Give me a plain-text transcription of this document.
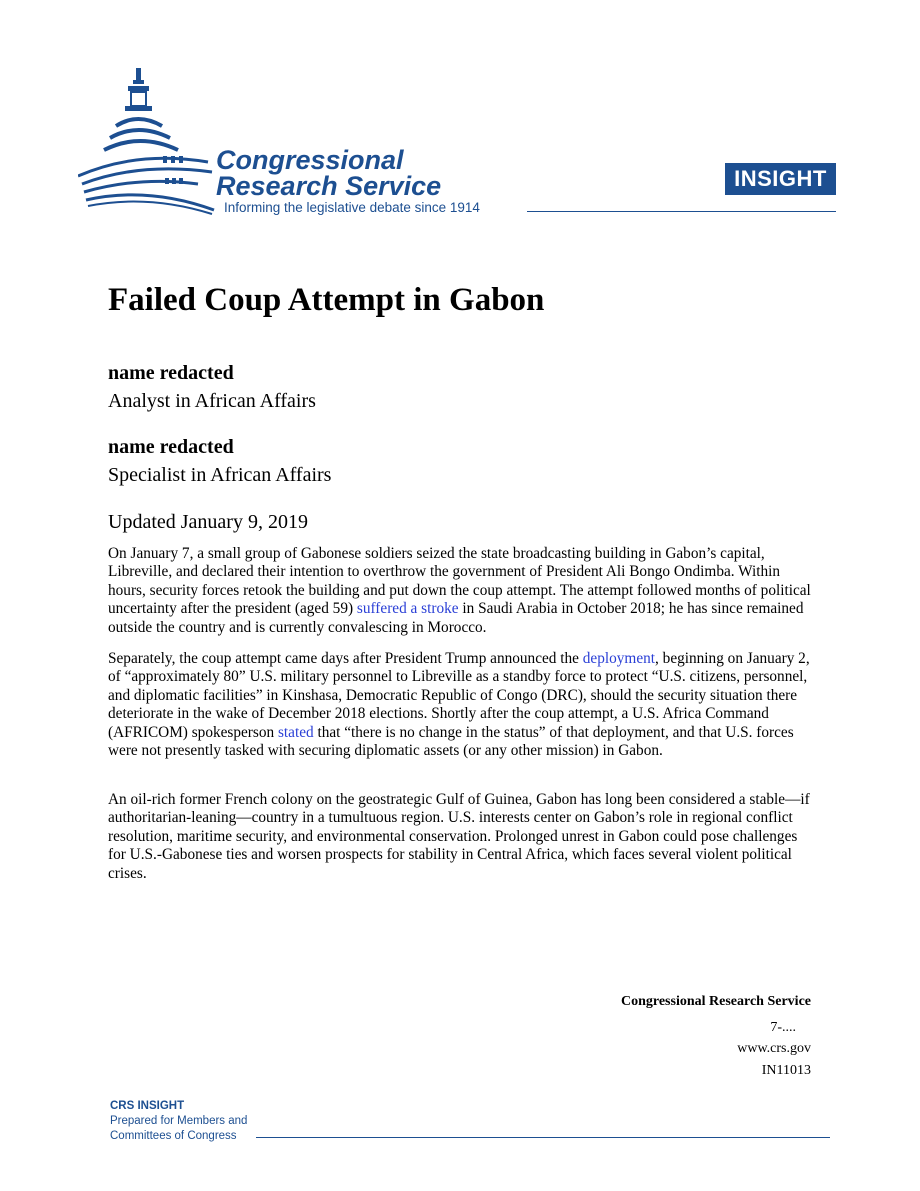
Congressional
Research Service
Informing the legislative debate since 1914
INSIGHT
Failed Coup Attempt in Gabon
name redacted
Analyst in African Affairs
name redacted
Specialist in African Affairs
Updated January 9, 2019

On January 7, a small group of Gabonese soldiers seized the state broadcasting building in Gabon’s capital, Libreville, and declared their intention to overthrow the government of President Ali Bongo Ondimba. Within hours, security forces retook the building and put down the coup attempt. The attempt followed months of political uncertainty after the president (aged 59) suffered a stroke in Saudi Arabia in October 2018; he has since remained outside the country and is currently convalescing in Morocco.

Separately, the coup attempt came days after President Trump announced the deployment, beginning on January 2, of “approximately 80” U.S. military personnel to Libreville as a standby force to protect “U.S. citizens, personnel, and diplomatic facilities” in Kinshasa, Democratic Republic of Congo (DRC), should the security situation there deteriorate in the wake of December 2018 elections. Shortly after the coup attempt, a U.S. Africa Command (AFRICOM) spokesperson stated that “there is no change in the status” of that deployment, and that U.S. forces were not presently tasked with securing diplomatic assets (or any other mission) in Gabon.

An oil-rich former French colony on the geostrategic Gulf of Guinea, Gabon has long been considered a stable—if authoritarian-leaning—country in a tumultuous region. U.S. interests center on Gabon’s role in regional conflict resolution, maritime security, and environmental conservation. Prolonged unrest in Gabon could pose challenges for U.S.-Gabonese ties and worsen prospects for stability in Central Africa, which faces several violent political crises.

Congressional Research Service
7-....
www.crs.gov
IN11013
CRS INSIGHT
Prepared for Members and
Committees of Congress
